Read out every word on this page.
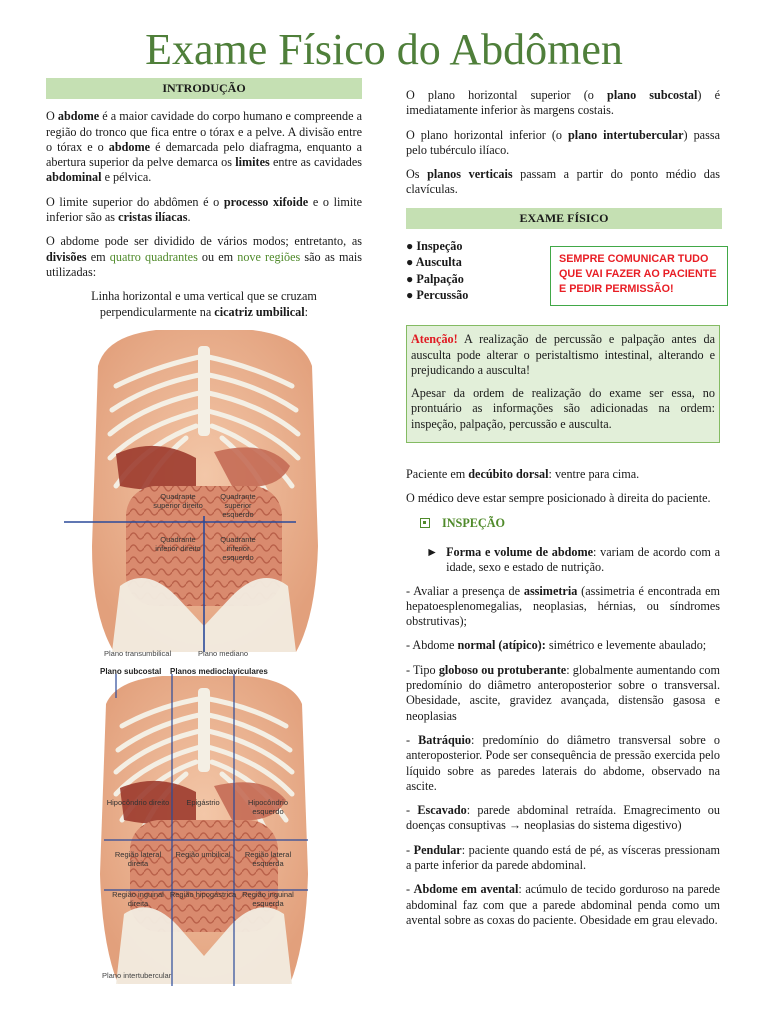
Exame Físico do Abdômen
INTRODUÇÃO

O abdome é a maior cavidade do corpo humano e compreende a região do tronco que fica entre o tórax e a pelve. A divisão entre o tórax e o abdome é demarcada pelo diafragma, enquanto a abertura superior da pelve demarca os limites entre as cavidades abdominal e pélvica.

O limite superior do abdômen é o processo xifoide e o limite inferior são as cristas ilíacas.

O abdome pode ser dividido de vários modos; entretanto, as divisões em quatro quadrantes ou em nove regiões são as mais utilizadas:

Linha horizontal e uma vertical que se cruzam perpendicularmente na cicatriz umbilical:

Quadrante superior direito
Quadrante superior esquerdo
Quadrante inferior direito
Quadrante inferior esquerdo
Plano transumbilical	Plano mediano
Plano subcostal Planos medioclaviculares
Hipocôndrio direito	Epigástrio	Hipocôndrio esquerdo
Região lateral direita
Região umbilical	Região lateral esquerda
Região inguinal direita
Região hipogástrica Região inguinal esquerda
Plano intertubercular

O plano horizontal superior (o plano subcostal) é imediatamente inferior às margens costais.

O plano horizontal inferior (o plano intertubercular) passa pelo tubérculo ilíaco.

Os planos verticais passam a partir do ponto médio das clavículas.

EXAME FÍSICO
● Inspeção
● Ausculta
● Palpação
● Percussão

Atenção! A realização de percussão e palpação antes da ausculta pode alterar o peristaltismo intestinal, alterando e prejudicando a ausculta!

Apesar da ordem de realização do exame ser essa, no prontuário as informações são adicionadas na ordem: inspeção, palpação, percussão e ausculta.

Paciente em decúbito dorsal: ventre para cima.

O médico deve estar sempre posicionado à direita do paciente.

INSPEÇÃO
► Forma e volume de abdome: variam de acordo com a idade, sexo e estado de nutrição.

- Avaliar a presença de assimetria (assimetria é encontrada em hepatoesplenomegalias, neoplasias, hérnias, ou síndromes obstrutivas);

- Abdome normal (atípico): simétrico e levemente abaulado;

- Tipo globoso ou protuberante: globalmente aumentando com predomínio do diâmetro anteroposterior sobre o transversal. Obesidade, ascite, gravidez avançada, distensão gasosa e neoplasias

- Batráquio: predomínio do diâmetro transversal sobre o anteroposterior. Pode ser consequência de pressão exercida pelo líquido sobre as paredes laterais do abdome, observado na ascite.

- Escavado: parede abdominal retraída. Emagrecimento ou doenças consuptivas → neoplasias do sistema digestivo)

- Pendular: paciente quando está de pé, as vísceras pressionam a parte inferior da parede abdominal.

- Abdome em avental: acúmulo de tecido gorduroso na parede abdominal faz com que a parede abdominal penda como um avental sobre as coxas do paciente. Obesidade em grau elevado.

SEMPRE COMUNICAR TUDO QUE VAI FAZER AO PACIENTE E PEDIR PERMISSÃO!
